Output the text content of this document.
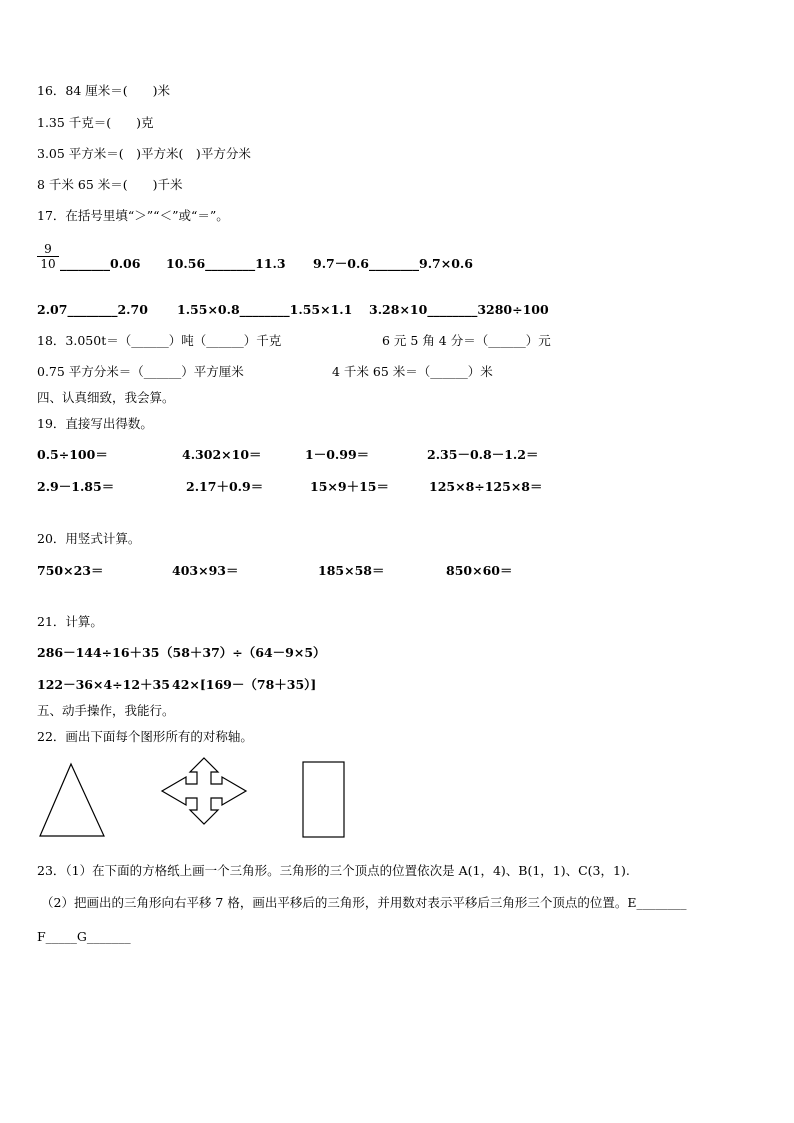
16．84 厘米＝(　　)米
1.35 千克＝(　　)克
3.05 平方米＝(　)平方米(　)平方分米
8 千米 65 米＝(　　)千米
17．在括号里填“＞”“＜”或“＝”。
$\frac{9}{10}$ ________0.06 10.56________11.3 9.7－0.6________9.7×0.6
2.07________2.70 1.55×0.8________1.55×1.1 3.28×10________3280÷100
18．3.050t＝（______）吨（______）千克	6 元 5 角 4 分＝（______）元
0.75 平方分米＝（______）平方厘米	4 千米 65 米＝（______）米
四、认真细致，我会算。
19．直接写出得数。
0.5÷100＝	4.302×10＝	1－0.99＝	2.35－0.8－1.2＝
2.9－1.85＝	2.17＋0.9＝	15×9＋15＝	125×8÷125×8＝
20．用竖式计算。
750×23＝	403×93＝	185×58＝	850×60＝
21．计算。
286－144÷16＋35 （58＋37）÷（64－9×5）
122－36×4÷12＋35 42×[169－（78＋35）]
五、动手操作，我能行。
22．画出下面每个图形所有的对称轴。
23．（1）在下面的方格纸上画一个三角形。三角形的三个顶点的位置依次是 A(1，4)、B(1，1)、C(3，1).
（2）把画出的三角形向右平移 7 格，画出平移后的三角形，并用数对表示平移后三角形三个顶点的位置。E________
F_____G_______
